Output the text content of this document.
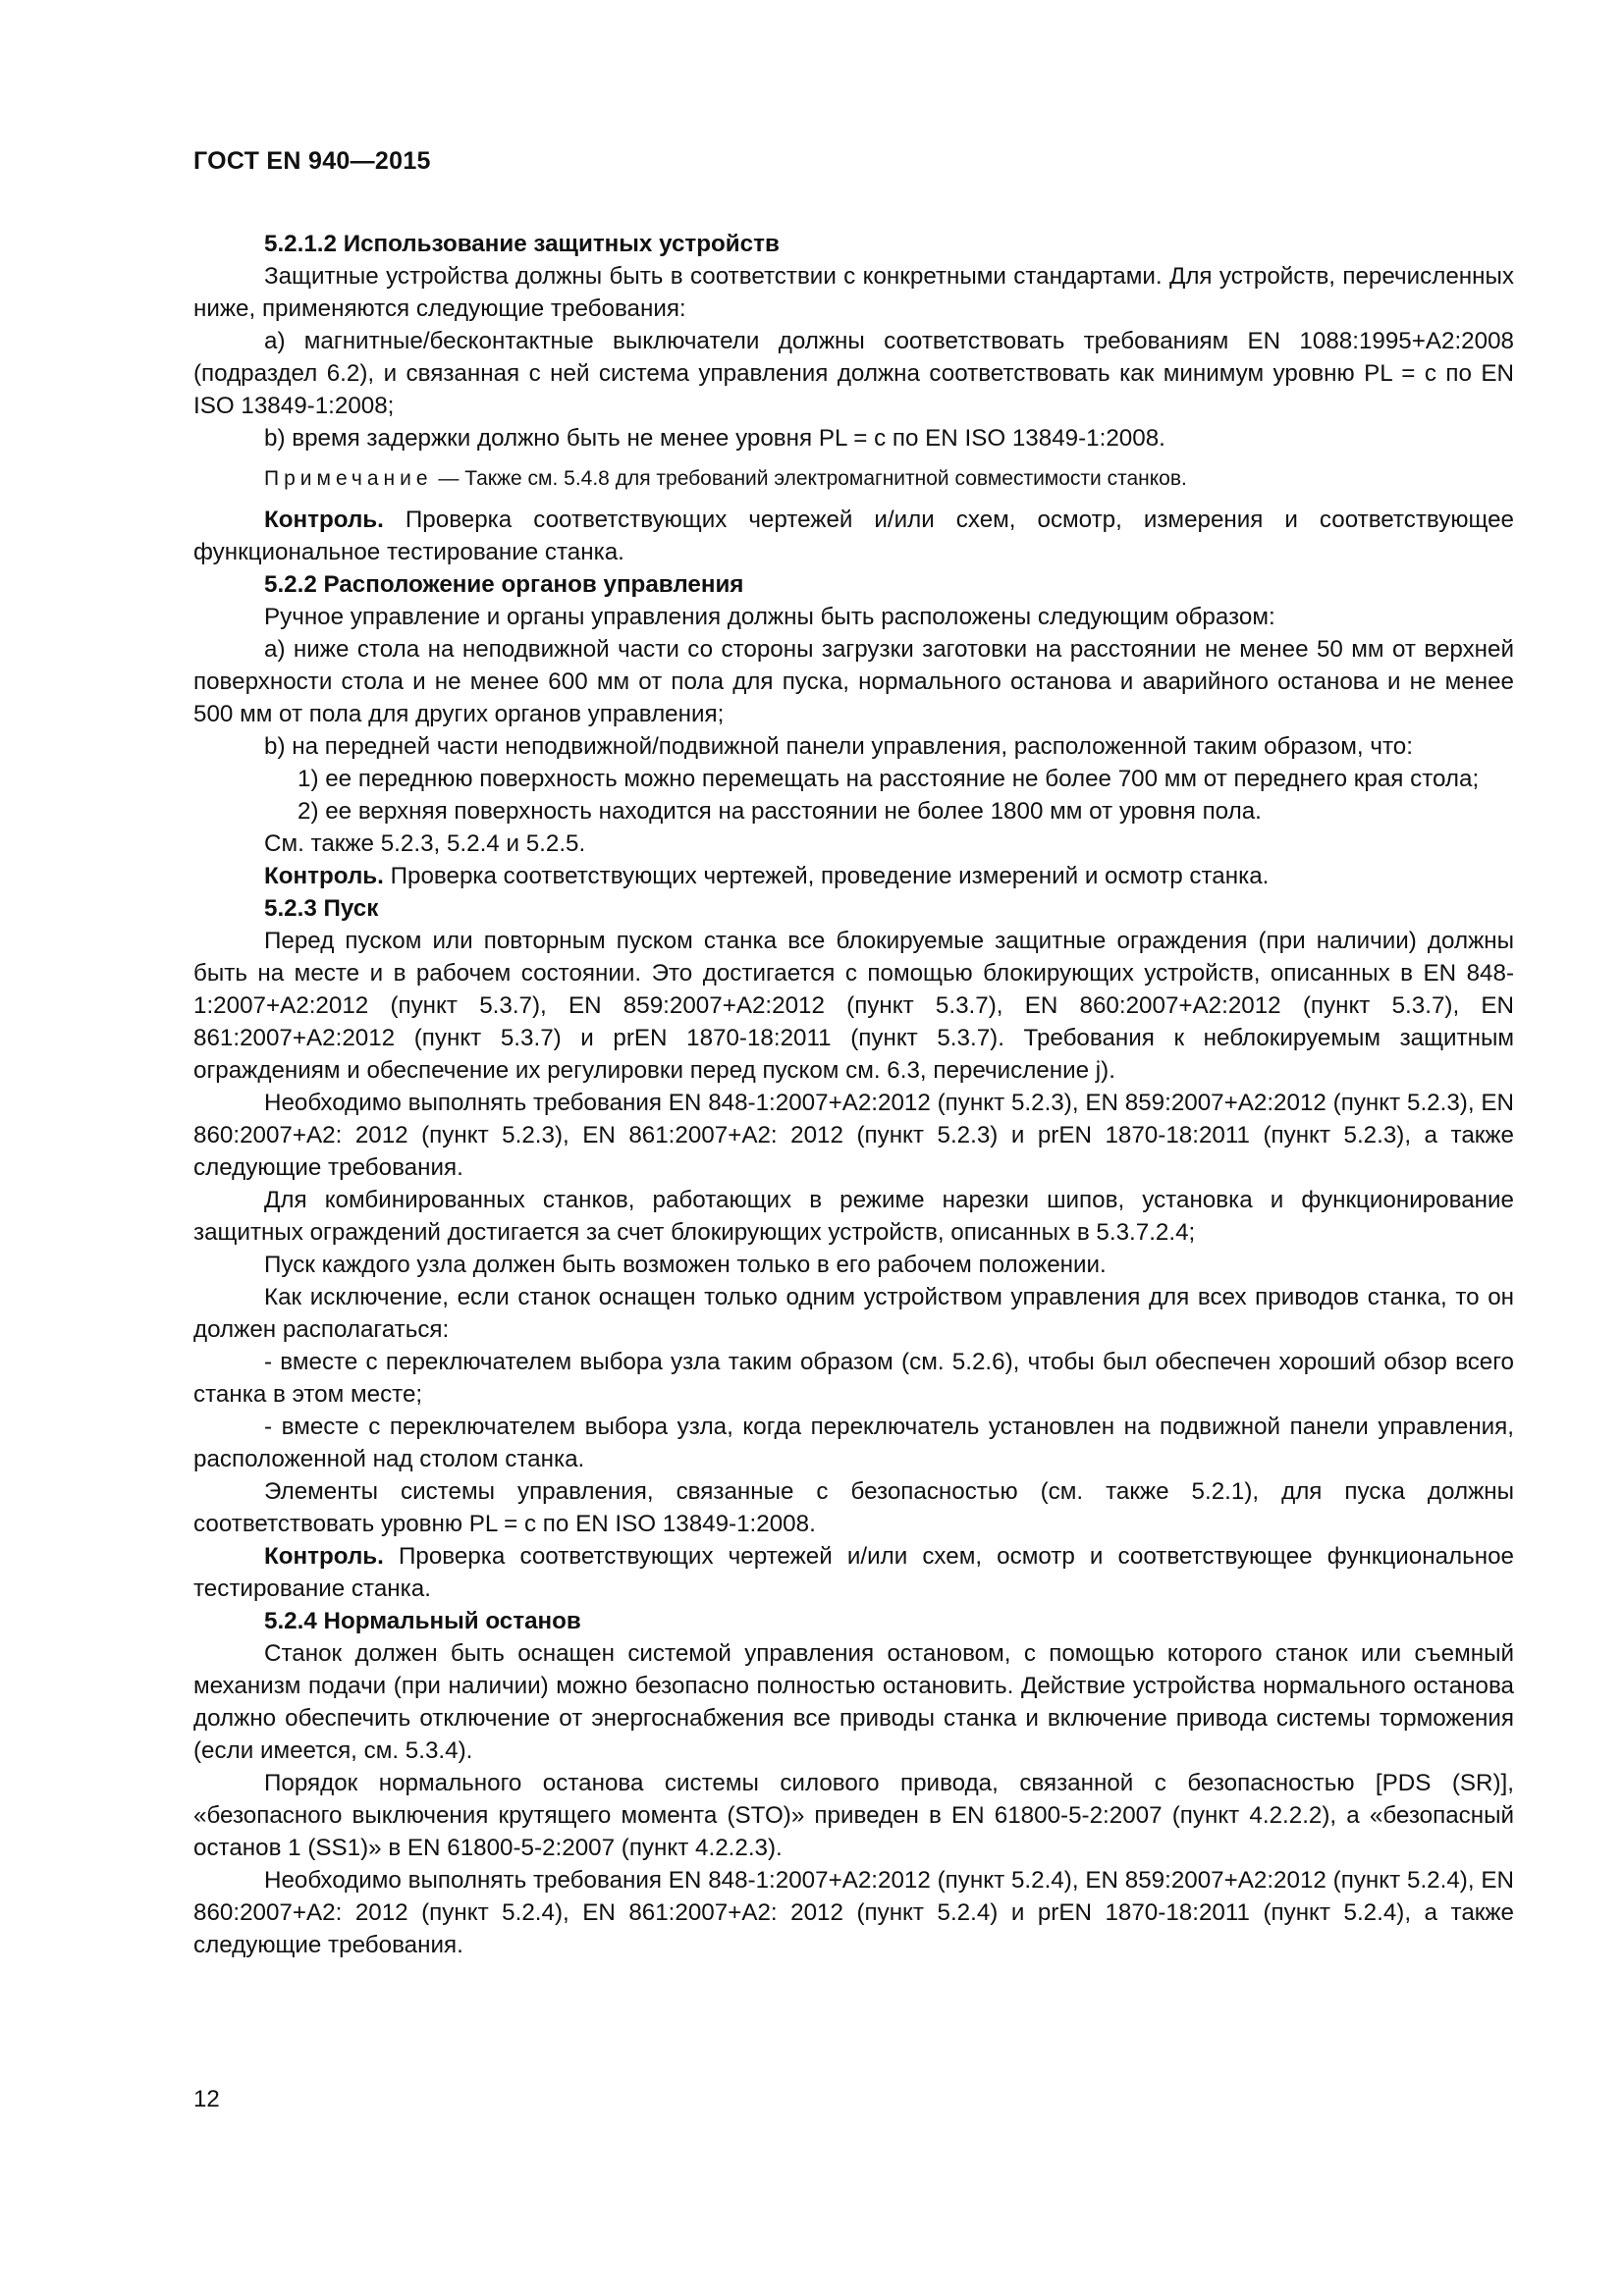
ГОСТ EN 940—2015

5.2.1.2 Использование защитных устройств

Защитные устройства должны быть в соответствии с конкретными стандартами. Для устройств, перечисленных ниже, применяются следующие требования:

a) магнитные/бесконтактные выключатели должны соответствовать требованиям EN 1088:1995+A2:2008 (подраздел 6.2), и связанная с ней система управления должна соответствовать как минимум уровню PL = c по EN ISO 13849-1:2008;

b) время задержки должно быть не менее уровня PL = c по EN ISO 13849-1:2008.

Примечание — Также см. 5.4.8 для требований электромагнитной совместимости станков.

Контроль. Проверка соответствующих чертежей и/или схем, осмотр, измерения и соответствующее функциональное тестирование станка.

5.2.2 Расположение органов управления

Ручное управление и органы управления должны быть расположены следующим образом:

a) ниже стола на неподвижной части со стороны загрузки заготовки на расстоянии не менее 50 мм от верхней поверхности стола и не менее 600 мм от пола для пуска, нормального останова и аварийного останова и не менее 500 мм от пола для других органов управления;

b) на передней части неподвижной/подвижной панели управления, расположенной таким образом, что:

1) ее переднюю поверхность можно перемещать на расстояние не более 700 мм от переднего края стола;

2) ее верхняя поверхность находится на расстоянии не более 1800 мм от уровня пола.

См. также 5.2.3, 5.2.4 и 5.2.5.

Контроль. Проверка соответствующих чертежей, проведение измерений и осмотр станка.

5.2.3 Пуск

Перед пуском или повторным пуском станка все блокируемые защитные ограждения (при наличии) должны быть на месте и в рабочем состоянии. Это достигается с помощью блокирующих устройств, описанных в EN 848-1:2007+A2:2012 (пункт 5.3.7), EN 859:2007+A2:2012 (пункт 5.3.7), EN 860:2007+A2:2012 (пункт 5.3.7), EN 861:2007+A2:2012 (пункт 5.3.7) и prEN 1870-18:2011 (пункт 5.3.7). Требования к неблокируемым защитным ограждениям и обеспечение их регулировки перед пуском см. 6.3, перечисление j).

Необходимо выполнять требования EN 848-1:2007+A2:2012 (пункт 5.2.3), EN 859:2007+A2:2012 (пункт 5.2.3), EN 860:2007+A2: 2012 (пункт 5.2.3), EN 861:2007+A2: 2012 (пункт 5.2.3) и prEN 1870-18:2011 (пункт 5.2.3), а также следующие требования.

Для комбинированных станков, работающих в режиме нарезки шипов, установка и функционирование защитных ограждений достигается за счет блокирующих устройств, описанных в 5.3.7.2.4;

Пуск каждого узла должен быть возможен только в его рабочем положении.

Как исключение, если станок оснащен только одним устройством управления для всех приводов станка, то он должен располагаться:

- вместе с переключателем выбора узла таким образом (см. 5.2.6), чтобы был обеспечен хороший обзор всего станка в этом месте;

- вместе с переключателем выбора узла, когда переключатель установлен на подвижной панели управления, расположенной над столом станка.

Элементы системы управления, связанные с безопасностью (см. также 5.2.1), для пуска должны соответствовать уровню PL = c по EN ISO 13849-1:2008.

Контроль. Проверка соответствующих чертежей и/или схем, осмотр и соответствующее функциональное тестирование станка.

5.2.4 Нормальный останов

Станок должен быть оснащен системой управления остановом, с помощью которого станок или съемный механизм подачи (при наличии) можно безопасно полностью остановить. Действие устройства нормального останова должно обеспечить отключение от энергоснабжения все приводы станка и включение привода системы торможения (если имеется, см. 5.3.4).

Порядок нормального останова системы силового привода, связанной с безопасностью [PDS (SR)], «безопасного выключения крутящего момента (STO)» приведен в EN 61800-5-2:2007 (пункт 4.2.2.2), а «безопасный останов 1 (SS1)» в EN 61800-5-2:2007 (пункт 4.2.2.3).

Необходимо выполнять требования EN 848-1:2007+A2:2012 (пункт 5.2.4), EN 859:2007+A2:2012 (пункт 5.2.4), EN 860:2007+A2: 2012 (пункт 5.2.4), EN 861:2007+A2: 2012 (пункт 5.2.4) и prEN 1870-18:2011 (пункт 5.2.4), а также следующие требования.

12
